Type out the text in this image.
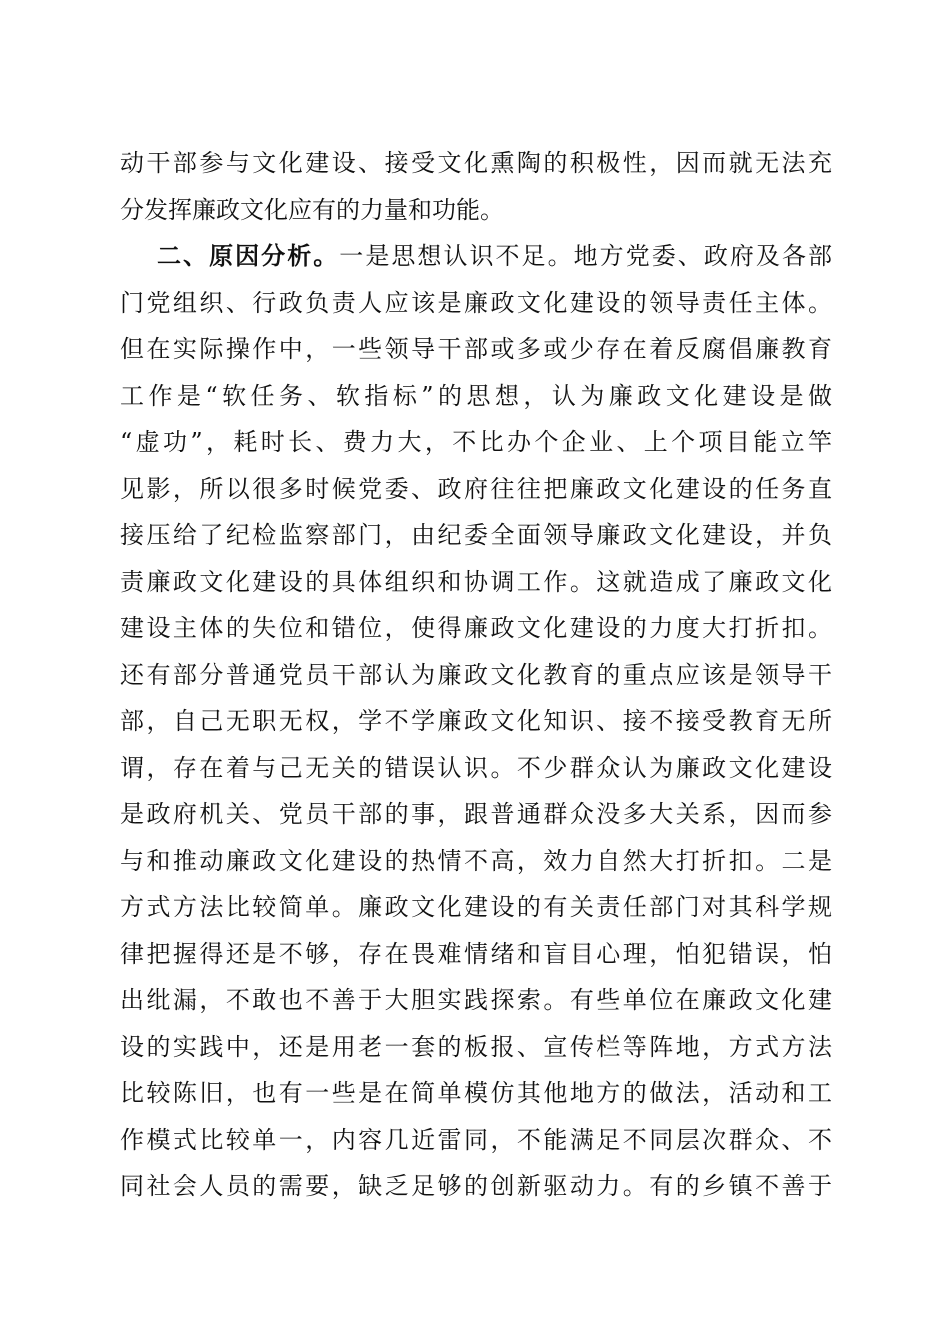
动干部参与文化建设、接受文化熏陶的积极性，因而就无法充
分发挥廉政文化应有的力量和功能。
二、原因分析。一是思想认识不足。地方党委、政府及各部
门党组织、行政负责人应该是廉政文化建设的领导责任主体。
但在实际操作中，一些领导干部或多或少存在着反腐倡廉教育
工作是“软任务、软指标”的思想，认为廉政文化建设是做
“虚功”，耗时长、费力大，不比办个企业、上个项目能立竿
见影，所以很多时候党委、政府往往把廉政文化建设的任务直
接压给了纪检监察部门，由纪委全面领导廉政文化建设，并负
责廉政文化建设的具体组织和协调工作。这就造成了廉政文化
建设主体的失位和错位，使得廉政文化建设的力度大打折扣。
还有部分普通党员干部认为廉政文化教育的重点应该是领导干
部，自己无职无权，学不学廉政文化知识、接不接受教育无所
谓，存在着与己无关的错误认识。不少群众认为廉政文化建设
是政府机关、党员干部的事，跟普通群众没多大关系，因而参
与和推动廉政文化建设的热情不高，效力自然大打折扣。二是
方式方法比较简单。廉政文化建设的有关责任部门对其科学规
律把握得还是不够，存在畏难情绪和盲目心理，怕犯错误，怕
出纰漏，不敢也不善于大胆实践探索。有些单位在廉政文化建
设的实践中，还是用老一套的板报、宣传栏等阵地，方式方法
比较陈旧，也有一些是在简单模仿其他地方的做法，活动和工
作模式比较单一，内容几近雷同，不能满足不同层次群众、不
同社会人员的需要，缺乏足够的创新驱动力。有的乡镇不善于
